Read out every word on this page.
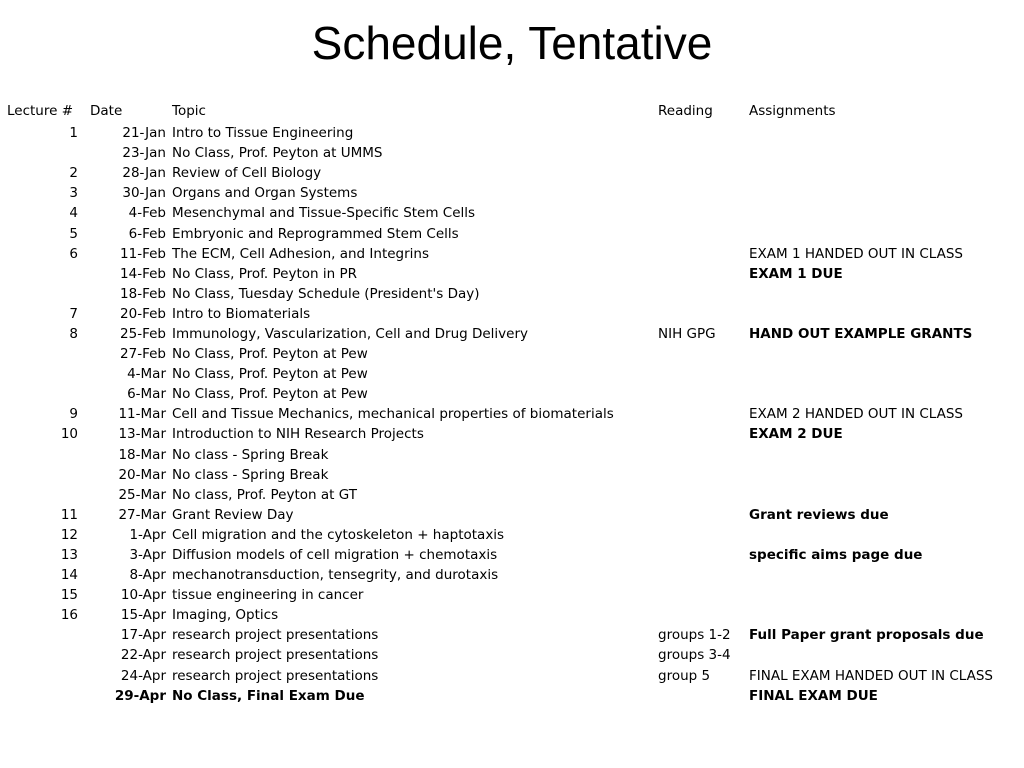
Schedule, Tentative
Lecture #	Date	Topic	Reading	Assignments
1	21-Jan	Intro to Tissue Engineering		
	23-Jan	No Class, Prof. Peyton at UMMS		
2	28-Jan	Review of Cell Biology		
3	30-Jan	Organs and Organ Systems		
4	4-Feb	Mesenchymal and Tissue-Specific Stem Cells		
5	6-Feb	Embryonic and Reprogrammed Stem Cells		
6	11-Feb	The ECM, Cell Adhesion, and Integrins		EXAM 1 HANDED OUT IN CLASS
	14-Feb	No Class, Prof. Peyton in PR		EXAM 1 DUE
	18-Feb	No Class, Tuesday Schedule (President's Day)		
7	20-Feb	Intro to Biomaterials		
8	25-Feb	Immunology, Vascularization, Cell and Drug Delivery	NIH GPG	HAND OUT EXAMPLE GRANTS
	27-Feb	No Class, Prof. Peyton at Pew		
	4-Mar	No Class, Prof. Peyton at Pew		
	6-Mar	No Class, Prof. Peyton at Pew		
9	11-Mar	Cell and Tissue Mechanics, mechanical properties of biomaterials		EXAM 2 HANDED OUT IN CLASS
10	13-Mar	Introduction to NIH Research Projects		EXAM 2 DUE
	18-Mar	No class - Spring Break		
	20-Mar	No class - Spring Break		
	25-Mar	No class, Prof. Peyton at GT		
11	27-Mar	Grant Review Day		Grant reviews due
12	1-Apr	Cell migration and the cytoskeleton + haptotaxis		
13	3-Apr	Diffusion models of cell migration + chemotaxis		specific aims page due
14	8-Apr	mechanotransduction, tensegrity, and durotaxis		
15	10-Apr	tissue engineering in cancer		
16	15-Apr	Imaging, Optics		
	17-Apr	research project presentations	groups 1-2	Full Paper grant proposals due
	22-Apr	research project presentations	groups 3-4	
	24-Apr	research project presentations	group 5	FINAL EXAM HANDED OUT IN CLASS
	29-Apr	No Class, Final Exam Due		FINAL EXAM DUE
